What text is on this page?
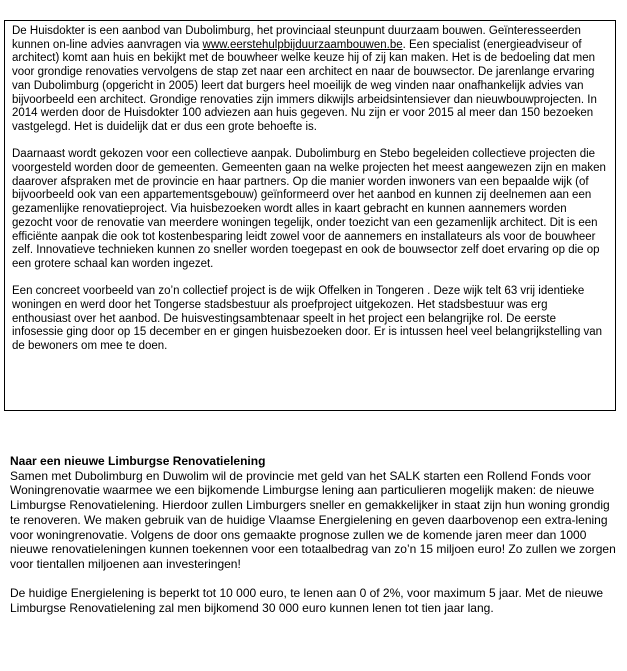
De Huisdokter is een aanbod van Dubolimburg, het provinciaal steunpunt duurzaam bouwen. Geïnteresseerden kunnen on-line advies aanvragen via www.eerstehulpbijduurzaambouwen.be. Een specialist (energieadviseur of architect) komt aan huis en bekijkt met de bouwheer welke keuze hij of zij kan maken. Het is de bedoeling dat men voor grondige renovaties vervolgens de stap zet naar een architect en naar de bouwsector. De jarenlange ervaring van Dubolimburg (opgericht in 2005) leert dat burgers heel moeilijk de weg vinden naar onafhankelijk advies van bijvoorbeeld een architect. Grondige renovaties zijn immers dikwijls arbeidsintensiever dan nieuwbouwprojecten. In 2014 werden door de Huisdokter 100 adviezen aan huis gegeven. Nu zijn er voor 2015 al meer dan 150 bezoeken vastgelegd. Het is duidelijk dat er dus een grote behoefte is.

Daarnaast wordt gekozen voor een collectieve aanpak. Dubolimburg en Stebo begeleiden collectieve projecten die voorgesteld worden door de gemeenten. Gemeenten gaan na welke projecten het meest aangewezen zijn en maken daarover afspraken met de provincie en haar partners. Op die manier worden inwoners van een bepaalde wijk (of bijvoorbeeld ook van een appartementsgebouw) geïnformeerd over het aanbod en kunnen zij deelnemen aan een gezamenlijke renovatieproject. Via huisbezoeken wordt alles in kaart gebracht en kunnen aannemers worden gezocht voor de renovatie van meerdere woningen tegelijk, onder toezicht van een gezamenlijk architect. Dit is een efficiënte aanpak die ook tot kostenbesparing leidt zowel voor de aannemers en installateurs als voor de bouwheer zelf. Innovatieve technieken kunnen zo sneller worden toegepast en ook de bouwsector zelf doet ervaring op die op een grotere schaal kan worden ingezet.

Een concreet voorbeeld van zo’n collectief project is de wijk Offelken in Tongeren . Deze wijk telt 63 vrij identieke woningen en werd door het Tongerse stadsbestuur als proefproject uitgekozen. Het stadsbestuur was erg enthousiast over het aanbod. De huisvestingsambtenaar speelt in het project een belangrijke rol. De eerste infosessie ging door op 15 december en er gingen huisbezoeken door. Er is intussen heel veel belangrijkstelling van de bewoners om mee te doen.

Naar een nieuwe Limburgse Renovatielening

Samen met Dubolimburg en Duwolim wil de provincie met geld van het SALK starten een Rollend Fonds voor Woningrenovatie waarmee we een bijkomende Limburgse lening aan particulieren mogelijk maken: de nieuwe Limburgse Renovatielening. Hierdoor zullen Limburgers sneller en gemakkelijker in staat zijn hun woning grondig te renoveren. We maken gebruik van de huidige Vlaamse Energielening en geven daarbovenop een extra-lening voor woningrenovatie. Volgens de door ons gemaakte prognose zullen we de komende jaren meer dan 1000 nieuwe renovatieleningen kunnen toekennen voor een totaalbedrag van zo’n 15 miljoen euro! Zo zullen we zorgen voor tientallen miljoenen aan investeringen!

De huidige Energielening is beperkt tot 10 000 euro, te lenen aan 0 of 2%, voor maximum 5 jaar. Met de nieuwe Limburgse Renovatielening zal men bijkomend 30 000 euro kunnen lenen tot tien jaar lang.
